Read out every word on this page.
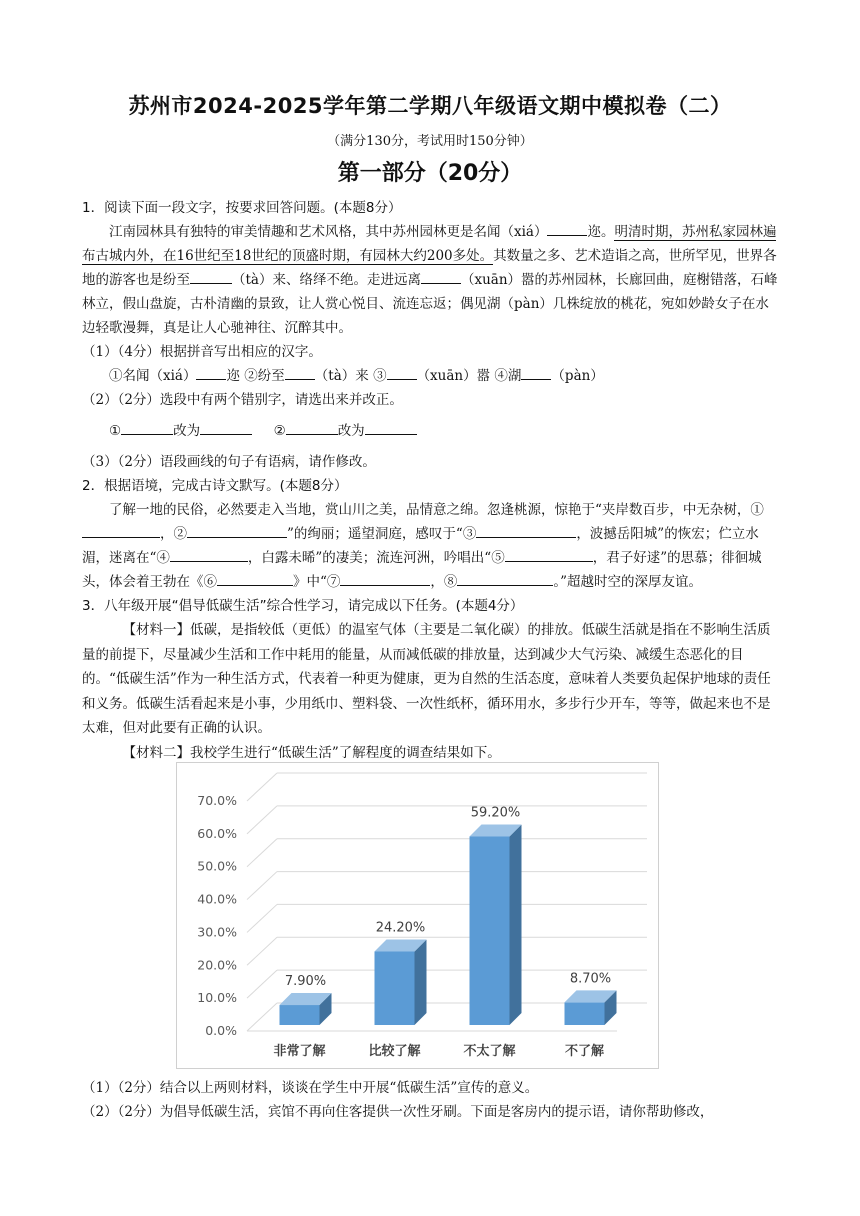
苏州市2024-2025学年第二学期八年级语文期中模拟卷（二）
（满分130分，考试用时150分钟）
第一部分（20分）

1．阅读下面一段文字，按要求回答问题。(本题8分）

江南园林具有独特的审美情趣和艺术风格，其中苏州园林更是名闻（xiá）	迩。明清时期，苏州私家园林遍布古城内外，在16世纪至18世纪的顶盛时期，有园林大约200多处。其数量之多、艺术造诣之高，世所罕见，世界各地的游客也是纷至	（tà）来、络绎不绝。走进远离	（xuān）嚣的苏州园林，长廊回曲，庭榭错落，石峰林立，假山盘旋，古朴清幽的景致，让人赏心悦目、流连忘返；偶见湖（pàn）几株绽放的桃花，宛如妙龄女子在水边轻歌漫舞，真是让人心驰神往、沉醉其中。

（1）（4分）根据拼音写出相应的汉字。

①名闻（xiá） 迩 ②纷至 （tà）来 ③ （xuān）嚣 ④湖 （pàn）

（2）（2分）选段中有两个错别字，请选出来并改正。

①	改为	②	改为

（3）（2分）语段画线的句子有语病，请作修改。

2．根据语境，完成古诗文默写。(本题8分）

了解一地的民俗，必然要走入当地，赏山川之美，品情意之绵。忽逢桃源，惊艳于“夹岸数百步，中无杂树，①，②	”的绚丽；遥望洞庭，感叹于“③	，波撼岳阳城”的恢宏；伫立水湄，迷离在“④	，白露未晞”的凄美；流连河洲，吟唱出“⑤	，君子好逑”的思慕；徘徊城头，体会着王勃在《⑥	》中“⑦	，⑧	。”超越时空的深厚友谊。

3．八年级开展“倡导低碳生活”综合性学习，请完成以下任务。(本题4分）

【材料一】低碳，是指较低（更低）的温室气体（主要是二氧化碳）的排放。低碳生活就是指在不影响生活质量的前提下，尽量减少生活和工作中耗用的能量，从而减低碳的排放量，达到减少大气污染、减缓生态恶化的目的。“低碳生活”作为一种生活方式，代表着一种更为健康，更为自然的生活态度，意味着人类要负起保护地球的责任和义务。低碳生活看起来是小事，少用纸巾、塑料袋、一次性纸杯，循环用水，多步行少开车，等等，做起来也不是太难，但对此要有正确的认识。

【材料二】我校学生进行“低碳生活”了解程度的调查结果如下。

0.0%
10.0%
20.0%
30.0%
40.0%
50.0%
60.0%
70.0%
7.90%
非常了解
24.20%
比较了解
59.20%
不太了解
8.70%
不了解

（1）（2分）结合以上两则材料，谈谈在学生中开展“低碳生活”宣传的意义。

（2）（2分）为倡导低碳生活，宾馆不再向住客提供一次性牙刷。下面是客房内的提示语，请你帮助修改，
